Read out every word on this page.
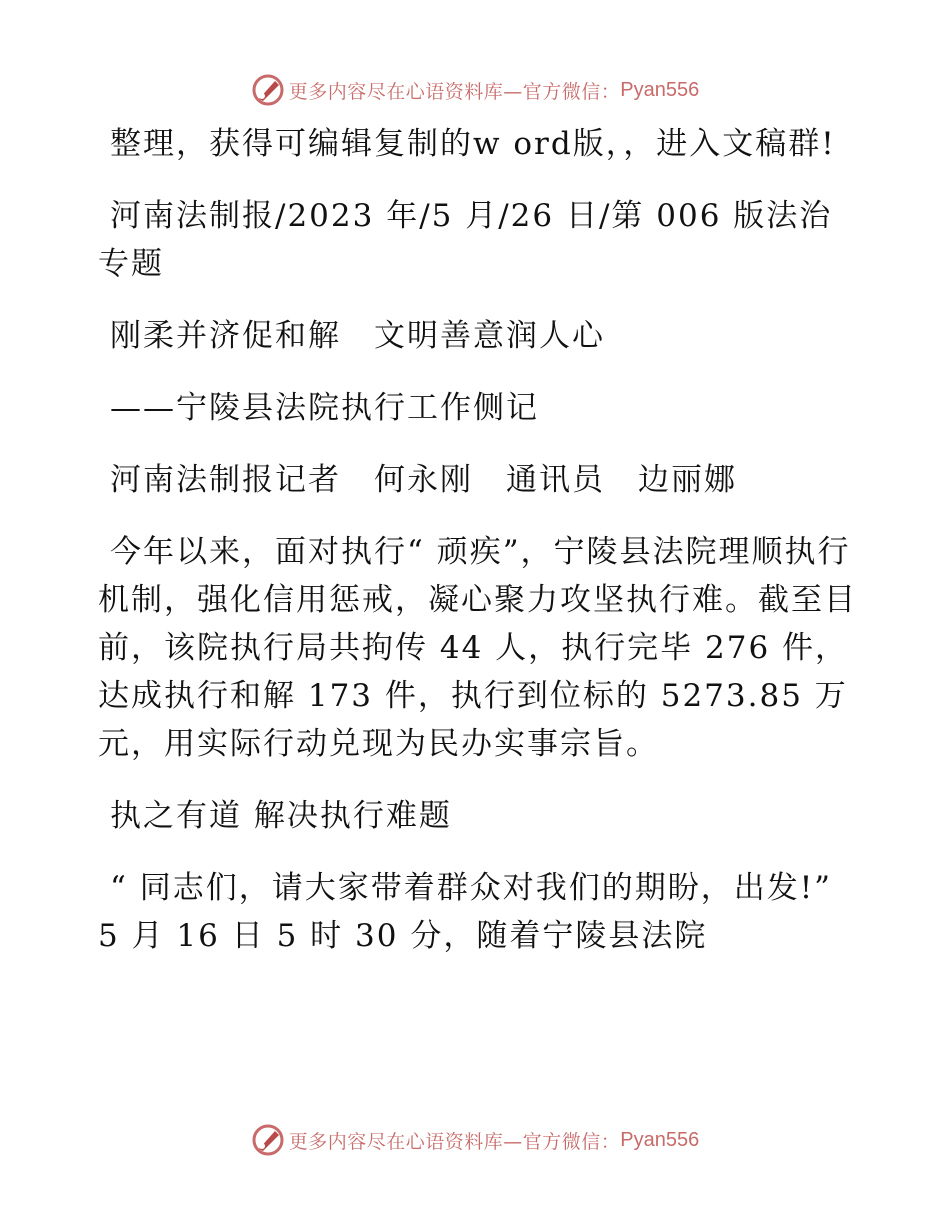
更多内容尽在心语资料库—官方微信： Pyan556

整理，获得可编辑复制的w ord版，，进入文稿群!

河南法制报/2023 年/5 月/26 日/第 006 版法治专题

刚柔并济促和解　文明善意润人心

——宁陵县法院执行工作侧记

河南法制报记者　何永刚　通讯员　边丽娜

今年以来，面对执行“ 顽疾”，宁陵县法院理顺执行机制，强化信用惩戒，凝心聚力攻坚执行难。截至目前，该院执行局共拘传 44 人，执行完毕 276 件，达成执行和解 173 件，执行到位标的 5273.85 万元，用实际行动兑现为民办实事宗旨。

执之有道 解决执行难题

“ 同志们，请大家带着群众对我们的期盼，出发!” 5 月 16 日 5 时 30 分，随着宁陵县法院

更多内容尽在心语资料库—官方微信： Pyan556
